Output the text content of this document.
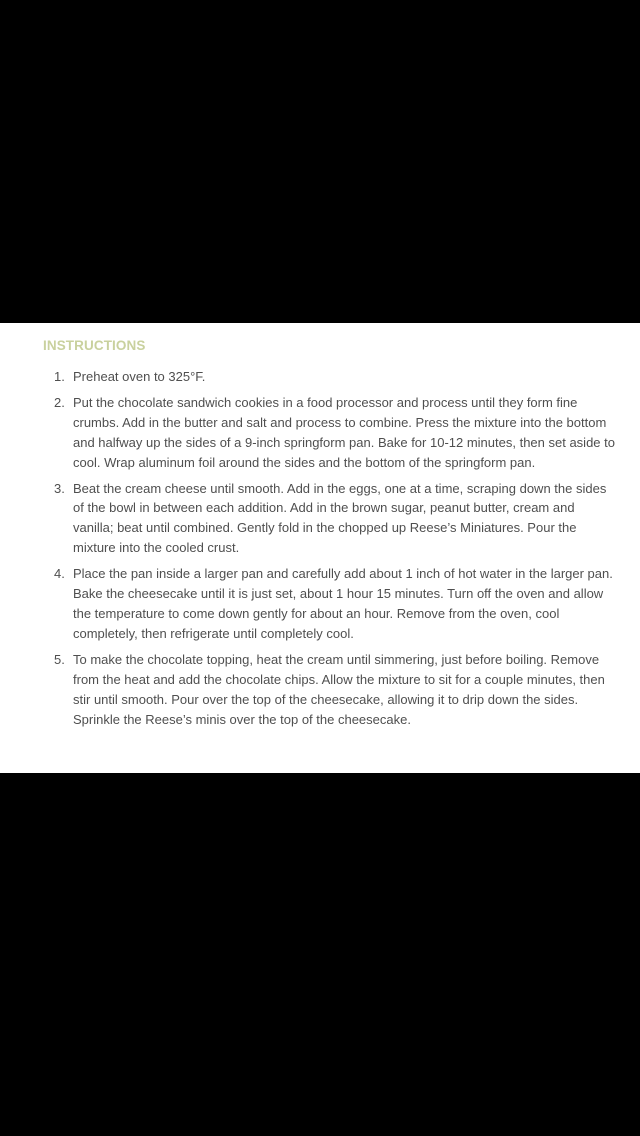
INSTRUCTIONS
1. Preheat oven to 325°F.
2. Put the chocolate sandwich cookies in a food processor and process until they form fine crumbs. Add in the butter and salt and process to combine. Press the mixture into the bottom and halfway up the sides of a 9-inch springform pan. Bake for 10-12 minutes, then set aside to cool. Wrap aluminum foil around the sides and the bottom of the springform pan.
3. Beat the cream cheese until smooth. Add in the eggs, one at a time, scraping down the sides of the bowl in between each addition. Add in the brown sugar, peanut butter, cream and vanilla; beat until combined. Gently fold in the chopped up Reese’s Miniatures. Pour the mixture into the cooled crust.
4. Place the pan inside a larger pan and carefully add about 1 inch of hot water in the larger pan. Bake the cheesecake until it is just set, about 1 hour 15 minutes. Turn off the oven and allow the temperature to come down gently for about an hour. Remove from the oven, cool completely, then refrigerate until completely cool.
5. To make the chocolate topping, heat the cream until simmering, just before boiling. Remove from the heat and add the chocolate chips. Allow the mixture to sit for a couple minutes, then stir until smooth. Pour over the top of the cheesecake, allowing it to drip down the sides. Sprinkle the Reese’s minis over the top of the cheesecake.
